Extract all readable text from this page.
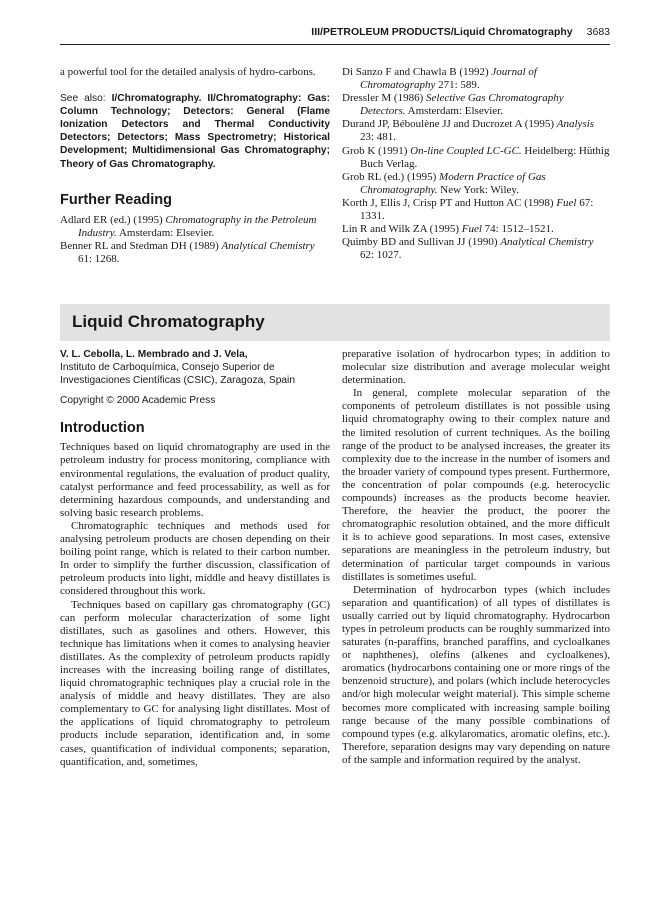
III/PETROLEUM PRODUCTS/Liquid Chromatography 3683

a powerful tool for the detailed analysis of hydro-carbons.

See also: I/Chromatography. II/Chromatography: Gas: Column Technology; Detectors: General (Flame Ionization Detectors and Thermal Conductivity Detectors; Detectors; Mass Spectrometry; Historical Development; Multidimensional Gas Chromatography; Theory of Gas Chromatography.

Further Reading

Adlard ER (ed.) (1995) Chromatography in the Petroleum Industry. Amsterdam: Elsevier.

Benner RL and Stedman DH (1989) Analytical Chemistry 61: 1268.

Di Sanzo F and Chawla B (1992) Journal of Chromatography 271: 589.

Dressler M (1986) Selective Gas Chromatography Detectors. Amsterdam: Elsevier.

Durand JP, Béboulène JJ and Ducrozet A (1995) Analysis 23: 481.

Grob K (1991) On-line Coupled LC-GC. Heidelberg: Hüthig Buch Verlag.

Grob RL (ed.) (1995) Modern Practice of Gas Chromatography. New York: Wiley.

Korth J, Ellis J, Crisp PT and Hutton AC (1998) Fuel 67: 1331.

Lin R and Wilk ZA (1995) Fuel 74: 1512–1521.

Quimby BD and Sullivan JJ (1990) Analytical Chemistry 62: 1027.

Liquid Chromatography

V. L. Cebolla, L. Membrado and J. Vela,
Instituto de Carboquímica, Consejo Superior de Investigaciones Científicas (CSIC), Zaragoza, Spain

Copyright © 2000 Academic Press

Introduction

Techniques based on liquid chromatography are used in the petroleum industry for process monitoring, compliance with environmental regulations, the evaluation of product quality, catalyst performance and feed processability, as well as for determining hazardous compounds, and understanding and solving basic research problems.

Chromatographic techniques and methods used for analysing petroleum products are chosen depending on their boiling point range, which is related to their carbon number. In order to simplify the further discussion, classification of petroleum products into light, middle and heavy distillates is considered throughout this work.

Techniques based on capillary gas chromatography (GC) can perform molecular characterization of some light distillates, such as gasolines and others. However, this technique has limitations when it comes to analysing heavier distillates. As the complexity of petroleum products rapidly increases with the increasing boiling range of distillates, liquid chromatographic techniques play a crucial role in the analysis of middle and heavy distillates. They are also complementary to GC for analysing light distillates. Most of the applications of liquid chromatography to petroleum products include separation, identification and, in some cases, quantification of individual components; separation, quantification, and, sometimes,

preparative isolation of hydrocarbon types; in addition to molecular size distribution and average molecular weight determination.

In general, complete molecular separation of the components of petroleum distillates is not possible using liquid chromatography owing to their complex nature and the limited resolution of current techniques. As the boiling range of the product to be analysed increases, the greater its complexity due to the increase in the number of isomers and the broader variety of compound types present. Furthermore, the concentration of polar compounds (e.g. heterocyclic compounds) increases as the products become heavier. Therefore, the heavier the product, the poorer the chromatographic resolution obtained, and the more difficult it is to achieve good separations. In most cases, extensive separations are meaningless in the petroleum industry, but determination of particular target compounds in various distillates is sometimes useful.

Determination of hydrocarbon types (which includes separation and quantification) of all types of distillates is usually carried out by liquid chromatography. Hydrocarbon types in petroleum products can be roughly summarized into saturates (n-paraffins, branched paraffins, and cycloalkanes or naphthenes), olefins (alkenes and cycloalkenes), aromatics (hydrocarbons containing one or more rings of the benzenoid structure), and polars (which include heterocycles and/or high molecular weight material). This simple scheme becomes more complicated with increasing sample boiling range because of the many possible combinations of compound types (e.g. alkylaromatics, aromatic olefins, etc.). Therefore, separation designs may vary depending on nature of the sample and information required by the analyst.
